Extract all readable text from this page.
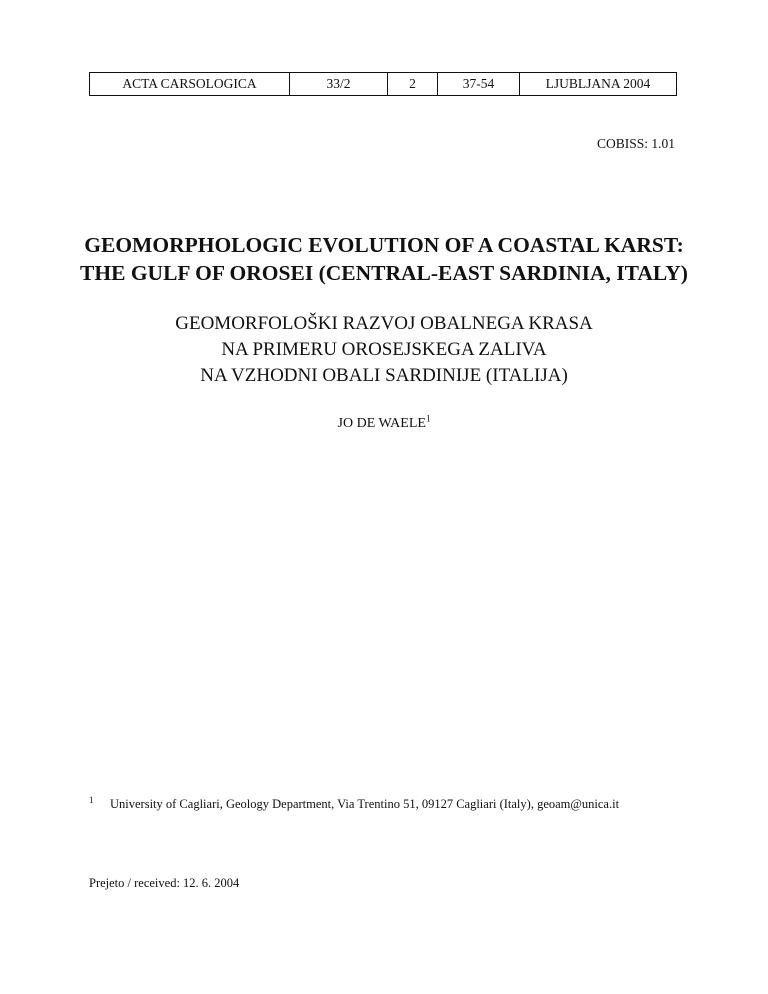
ACTA CARSOLOGICA	33/2	2	37-54	LJUBLJANA 2004
COBISS: 1.01
GEOMORPHOLOGIC EVOLUTION OF A COASTAL KARST:
THE GULF OF OROSEI (CENTRAL-EAST SARDINIA, ITALY)
GEOMORFOLOŠKI RAZVOJ OBALNEGA KRASA
NA PRIMERU OROSEJSKEGA ZALIVA
NA VZHODNI OBALI SARDINIJE (ITALIJA)
JO DE WAELE$^1$
$^1$ University of Cagliari, Geology Department, Via Trentino 51, 09127 Cagliari (Italy), geoam@unica.it
Prejeto / received: 12. 6. 2004
